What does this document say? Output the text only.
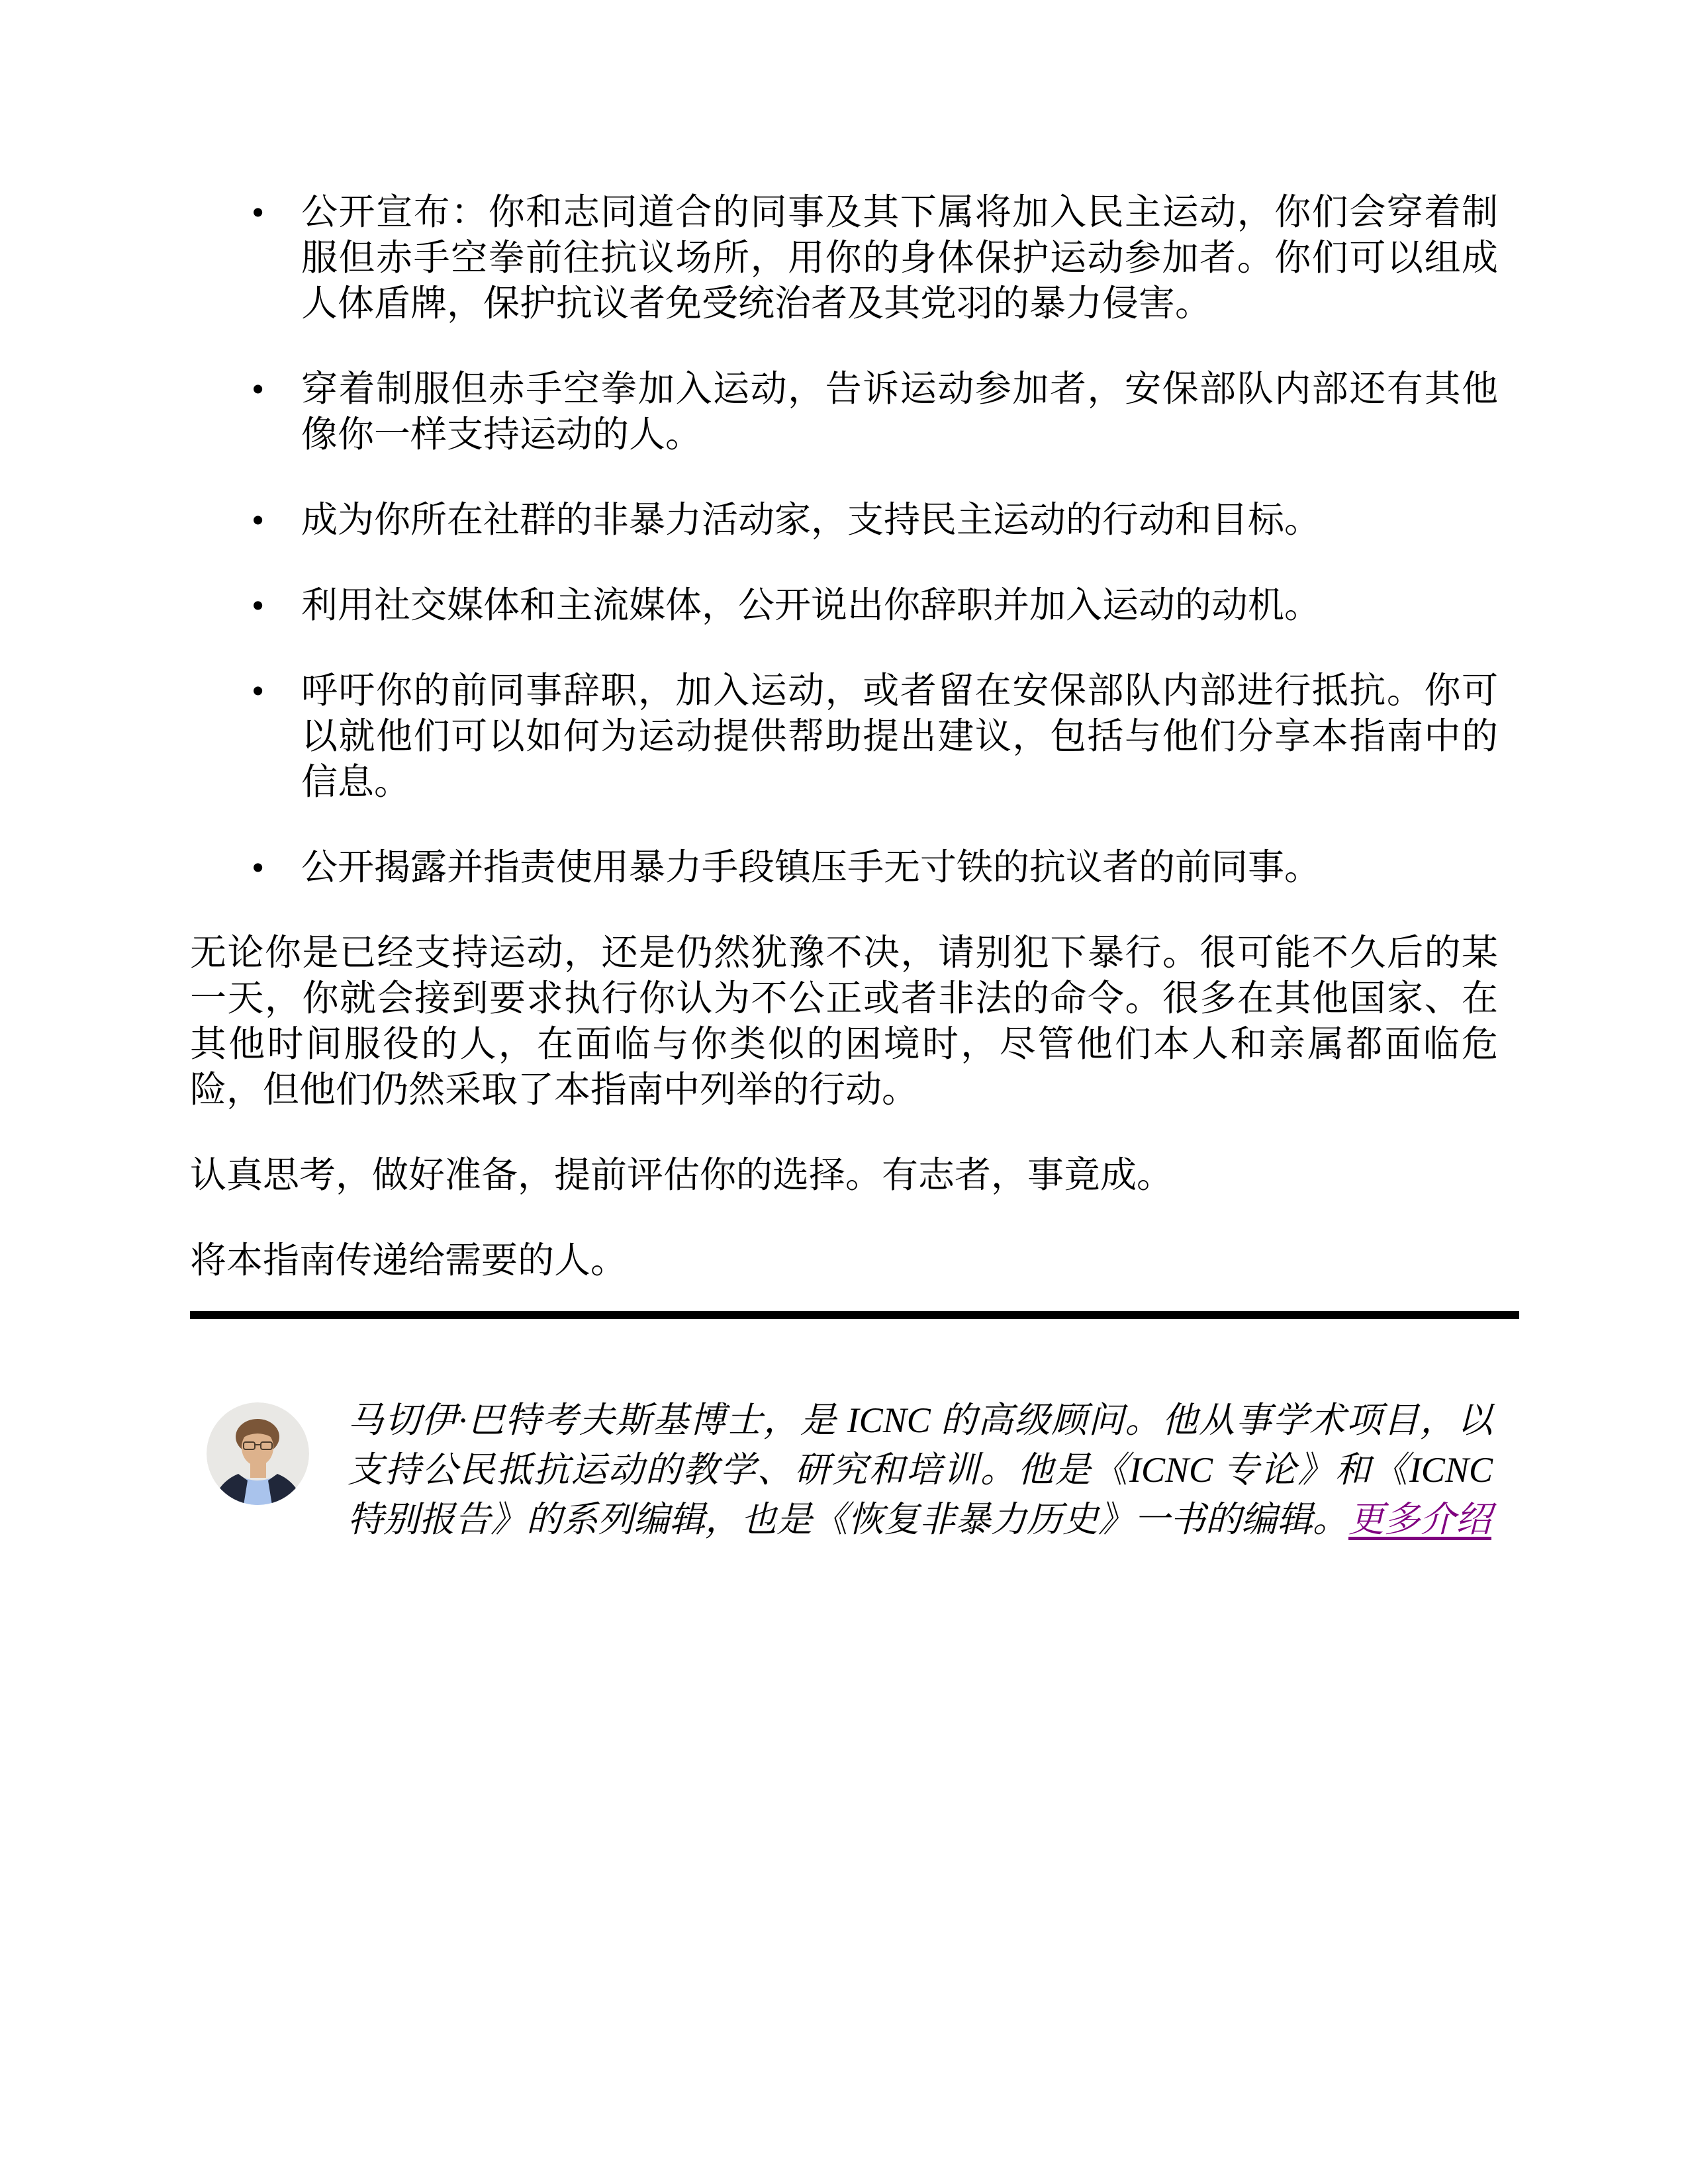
• 公开宣布：你和志同道合的同事及其下属将加入民主运动，你们会穿着制服但赤手空拳前往抗议场所，用你的身体保护运动参加者。你们可以组成人体盾牌，保护抗议者免受统治者及其党羽的暴力侵害。
• 穿着制服但赤手空拳加入运动，告诉运动参加者，安保部队内部还有其他像你一样支持运动的人。
• 成为你所在社群的非暴力活动家，支持民主运动的行动和目标。
• 利用社交媒体和主流媒体，公开说出你辞职并加入运动的动机。
• 呼吁你的前同事辞职，加入运动，或者留在安保部队内部进行抵抗。你可以就他们可以如何为运动提供帮助提出建议，包括与他们分享本指南中的信息。
• 公开揭露并指责使用暴力手段镇压手无寸铁的抗议者的前同事。

无论你是已经支持运动，还是仍然犹豫不决，请别犯下暴行。很可能不久后的某一天，你就会接到要求执行你认为不公正或者非法的命令。很多在其他国家、在其他时间服役的人，在面临与你类似的困境时，尽管他们本人和亲属都面临危险，但他们仍然采取了本指南中列举的行动。

认真思考，做好准备，提前评估你的选择。有志者，事竟成。

将本指南传递给需要的人。

马切伊·巴特考夫斯基博士，是 ICNC 的高级顾问。他从事学术项目，以支持公民抵抗运动的教学、研究和培训。他是《ICNC 专论》和《ICNC 特别报告》的系列编辑，也是《恢复非暴力历史》一书的编辑。更多介绍
